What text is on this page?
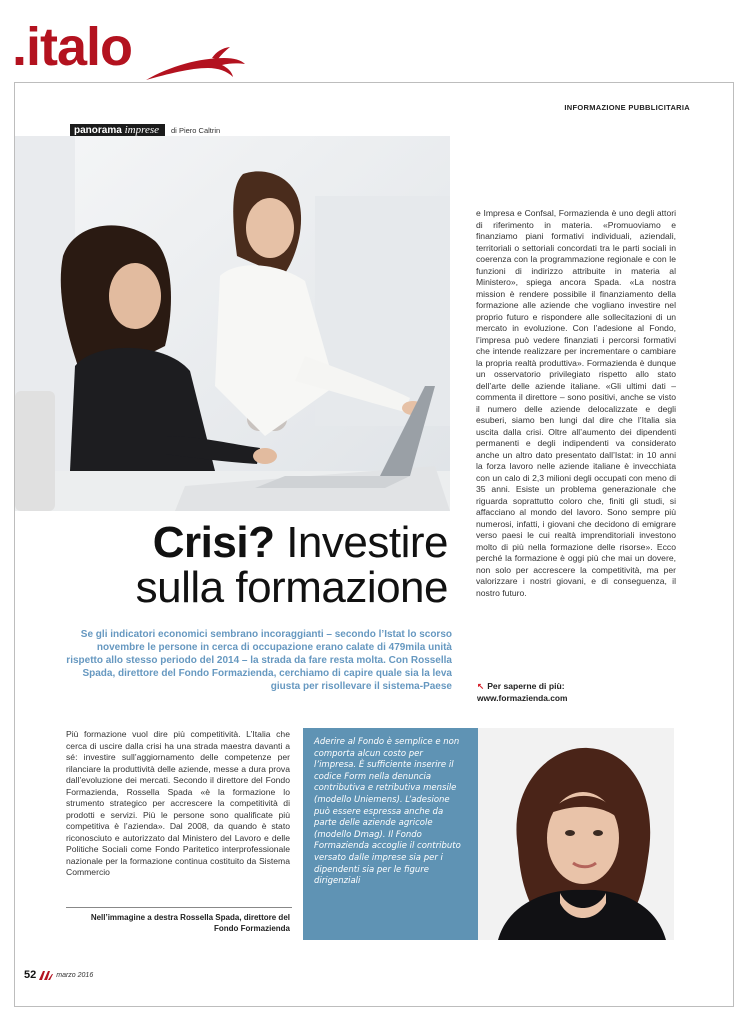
.italo
INFORMAZIONE PUBBLICITARIA
panorama imprese	di Piero Caltrin
e Impresa e Confsal, Formazienda è uno degli attori di riferimento in materia. «Promuoviamo e finanziamo piani formativi individuali, aziendali, territoriali o settoriali concordati tra le parti sociali in coerenza con la programmazione regionale e con le funzioni di indirizzo attribuite in materia al Ministero», spiega ancora Spada. «La nostra mission è rendere possibile il finanziamento della formazione alle aziende che vogliano investire nel proprio futuro e rispondere alle sollecitazioni di un mercato in evoluzione. Con l’adesione al Fondo, l’impresa può vedere finanziati i percorsi formativi che intende realizzare per incrementare o cambiare la propria realtà produttiva». Formazienda è dunque un osservatorio privilegiato rispetto allo stato dell’arte delle aziende italiane. «Gli ultimi dati – commenta il direttore – sono positivi, anche se visto il numero delle aziende delocalizzate e degli esuberi, siamo ben lungi dal dire che l’Italia sia uscita dalla crisi. Oltre all’aumento dei dipendenti permanenti e degli indipendenti va considerato anche un altro dato presentato dall’Istat: in 10 anni la forza lavoro nelle aziende italiane è invecchiata con un calo di 2,3 milioni degli occupati con meno di 35 anni. Esiste un problema generazionale che riguarda soprattutto coloro che, finiti gli studi, si affacciano al mondo del lavoro. Sono sempre più numerosi, infatti, i giovani che decidono di emigrare verso paesi le cui realtà imprenditoriali investono molto di più nella formazione delle risorse». Ecco perché la formazione è oggi più che mai un dovere, non solo per accrescere la competitività, ma per valorizzare i nostri giovani, e di conseguenza, il nostro futuro.
Crisi? Investire
sulla formazione
Se gli indicatori economici sembrano incoraggianti – secondo l’Istat lo scorso novembre le persone in cerca di occupazione erano calate di 479mila unità rispetto allo stesso periodo del 2014 – la strada da fare resta molta. Con Rossella Spada, direttore del Fondo Formazienda, cerchiamo di capire quale sia la leva giusta per risollevare il sistema-Paese	↖ Per saperne di più:
www.formazienda.com
Più formazione vuol dire più competitività. L’Italia che cerca di uscire dalla crisi ha una strada maestra davanti a sé: investire sull’aggiornamento delle competenze per rilanciare la produttività delle aziende, messe a dura prova dall’evoluzione dei mercati. Secondo il direttore del Fondo Formazienda, Rossella Spada «è la formazione lo strumento strategico per accrescere la competitività di prodotti e servizi. Più le persone sono qualificate più competitiva è l’azienda». Dal 2008, da quando è stato riconosciuto e autorizzato dal Ministero del Lavoro e delle Politiche Sociali come Fondo Paritetico interprofessionale nazionale per la formazione continua costituito da Sistema Commercio
Nell’immagine a destra Rossella Spada, direttore del Fondo Formazienda
Aderire al Fondo è semplice e non comporta alcun costo per l’impresa. È sufficiente inserire il codice Form nella denuncia contributiva e retributiva mensile (modello Uniemens). L’adesione può essere espressa anche da parte delle aziende agricole (modello Dmag). Il Fondo Formazienda accoglie il contributo versato dalle imprese sia per i dipendenti sia per le figure dirigenziali
52	marzo 2016
